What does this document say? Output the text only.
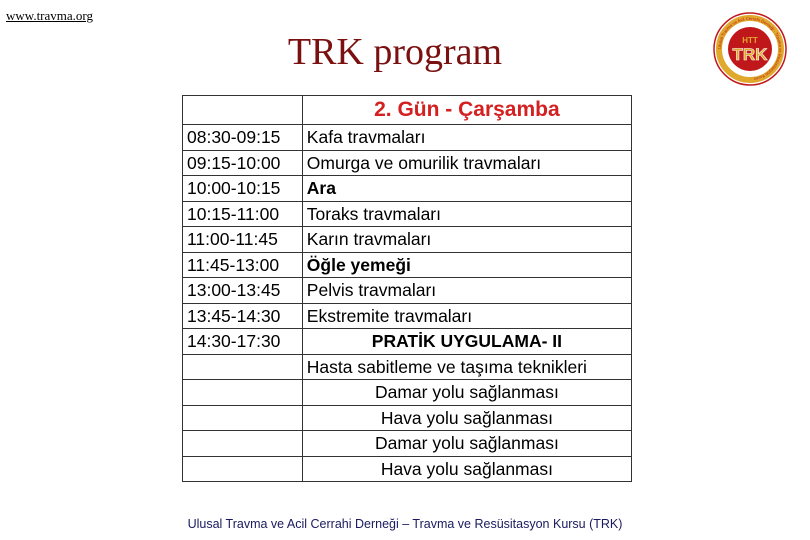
www.travma.org
TRK program	Ulusal Travma ve Acil Cerrahi Derneği · Travma ve Resüsitasyon Kursu ·
HTT
TRK
	2. Gün - Çarşamba
08:30-09:15	Kafa travmaları
09:15-10:00	Omurga ve omurilik travmaları
10:00-10:15	Ara
10:15-11:00	Toraks travmaları
11:00-11:45	Karın travmaları
11:45-13:00	Öğle yemeği
13:00-13:45	Pelvis travmaları
13:45-14:30	Ekstremite travmaları
14:30-17:30	PRATİK UYGULAMA- II
	Hasta sabitleme ve taşıma teknikleri
	Damar yolu sağlanması
	Hava yolu sağlanması
	Damar yolu sağlanması
	Hava yolu sağlanması
Ulusal Travma ve Acil Cerrahi Derneği – Travma ve Resüsitasyon Kursu (TRK)
